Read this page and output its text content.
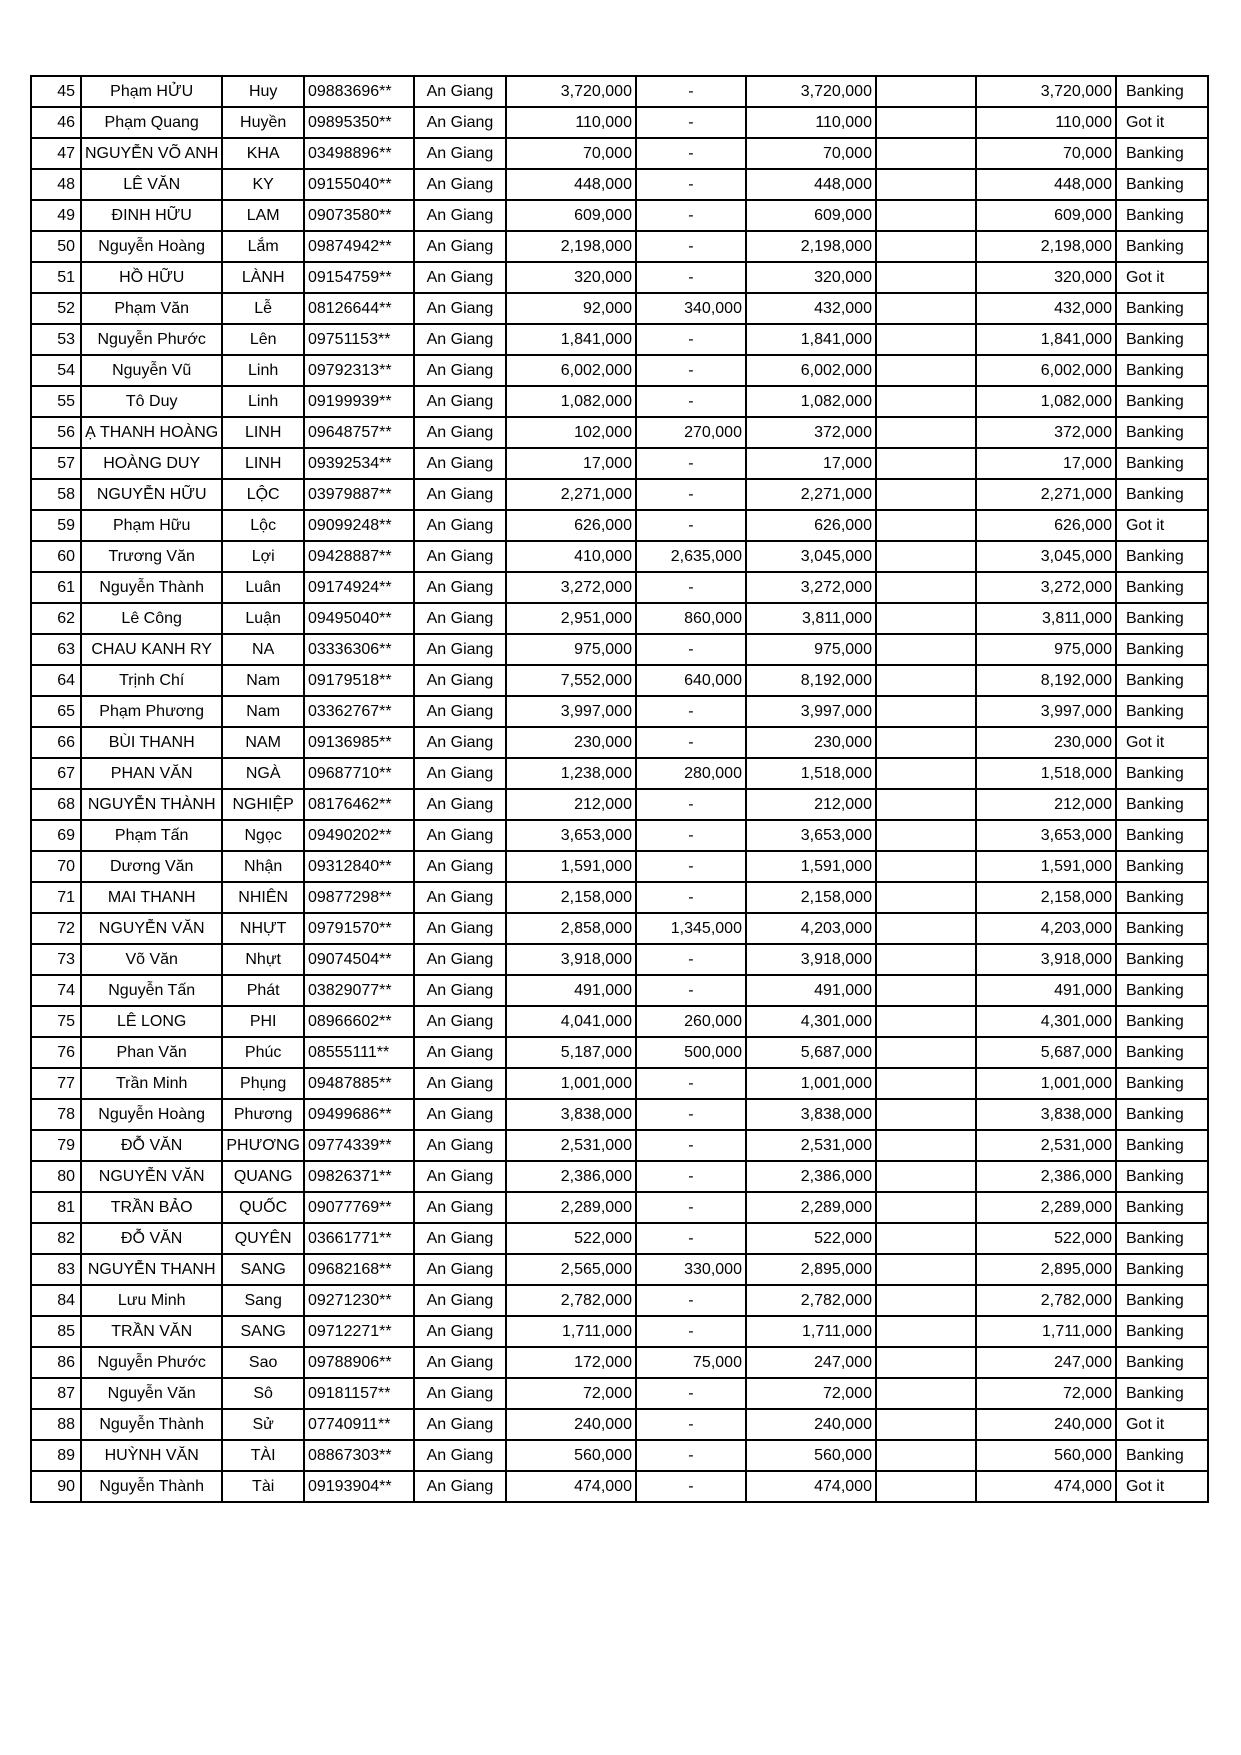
45	Phạm HỬU	Huy	09883696**	An Giang	3,720,000	-	3,720,000		3,720,000	Banking
46	Phạm Quang	Huyền	09895350**	An Giang	110,000	-	110,000		110,000	Got it
47	NGUYỄN VÕ ANH	KHA	03498896**	An Giang	70,000	-	70,000		70,000	Banking
48	LÊ VĂN	KY	09155040**	An Giang	448,000	-	448,000		448,000	Banking
49	ĐINH HỮU	LAM	09073580**	An Giang	609,000	-	609,000		609,000	Banking
50	Nguyễn Hoàng	Lắm	09874942**	An Giang	2,198,000	-	2,198,000		2,198,000	Banking
51	HỒ HỮU	LÀNH	09154759**	An Giang	320,000	-	320,000		320,000	Got it
52	Phạm Văn	Lễ	08126644**	An Giang	92,000	340,000	432,000		432,000	Banking
53	Nguyễn Phước	Lên	09751153**	An Giang	1,841,000	-	1,841,000		1,841,000	Banking
54	Nguyễn Vũ	Linh	09792313**	An Giang	6,002,000	-	6,002,000		6,002,000	Banking
55	Tô Duy	Linh	09199939**	An Giang	1,082,000	-	1,082,000		1,082,000	Banking
56	Ạ THANH HOÀNG	LINH	09648757**	An Giang	102,000	270,000	372,000		372,000	Banking
57	HOÀNG DUY	LINH	09392534**	An Giang	17,000	-	17,000		17,000	Banking
58	NGUYỄN HỮU	LỘC	03979887**	An Giang	2,271,000	-	2,271,000		2,271,000	Banking
59	Phạm Hữu	Lộc	09099248**	An Giang	626,000	-	626,000		626,000	Got it
60	Trương Văn	Lợi	09428887**	An Giang	410,000	2,635,000	3,045,000		3,045,000	Banking
61	Nguyễn Thành	Luân	09174924**	An Giang	3,272,000	-	3,272,000		3,272,000	Banking
62	Lê Công	Luận	09495040**	An Giang	2,951,000	860,000	3,811,000		3,811,000	Banking
63	CHAU KANH RY	NA	03336306**	An Giang	975,000	-	975,000		975,000	Banking
64	Trịnh Chí	Nam	09179518**	An Giang	7,552,000	640,000	8,192,000		8,192,000	Banking
65	Phạm Phương	Nam	03362767**	An Giang	3,997,000	-	3,997,000		3,997,000	Banking
66	BÙI THANH	NAM	09136985**	An Giang	230,000	-	230,000		230,000	Got it
67	PHAN VĂN	NGÀ	09687710**	An Giang	1,238,000	280,000	1,518,000		1,518,000	Banking
68	NGUYỄN THÀNH	NGHIỆP	08176462**	An Giang	212,000	-	212,000		212,000	Banking
69	Phạm Tấn	Ngọc	09490202**	An Giang	3,653,000	-	3,653,000		3,653,000	Banking
70	Dương Văn	Nhận	09312840**	An Giang	1,591,000	-	1,591,000		1,591,000	Banking
71	MAI THANH	NHIÊN	09877298**	An Giang	2,158,000	-	2,158,000		2,158,000	Banking
72	NGUYỄN VĂN	NHỰT	09791570**	An Giang	2,858,000	1,345,000	4,203,000		4,203,000	Banking
73	Võ Văn	Nhựt	09074504**	An Giang	3,918,000	-	3,918,000		3,918,000	Banking
74	Nguyễn Tấn	Phát	03829077**	An Giang	491,000	-	491,000		491,000	Banking
75	LÊ LONG	PHI	08966602**	An Giang	4,041,000	260,000	4,301,000		4,301,000	Banking
76	Phan Văn	Phúc	08555111**	An Giang	5,187,000	500,000	5,687,000		5,687,000	Banking
77	Trần Minh	Phụng	09487885**	An Giang	1,001,000	-	1,001,000		1,001,000	Banking
78	Nguyễn Hoàng	Phương	09499686**	An Giang	3,838,000	-	3,838,000		3,838,000	Banking
79	ĐỖ VĂN	PHƯƠNG	09774339**	An Giang	2,531,000	-	2,531,000		2,531,000	Banking
80	NGUYỄN VĂN	QUANG	09826371**	An Giang	2,386,000	-	2,386,000		2,386,000	Banking
81	TRẦN BẢO	QUỐC	09077769**	An Giang	2,289,000	-	2,289,000		2,289,000	Banking
82	ĐỖ VĂN	QUYÊN	03661771**	An Giang	522,000	-	522,000		522,000	Banking
83	NGUYỄN THANH	SANG	09682168**	An Giang	2,565,000	330,000	2,895,000		2,895,000	Banking
84	Lưu Minh	Sang	09271230**	An Giang	2,782,000	-	2,782,000		2,782,000	Banking
85	TRẦN VĂN	SANG	09712271**	An Giang	1,711,000	-	1,711,000		1,711,000	Banking
86	Nguyễn Phước	Sao	09788906**	An Giang	172,000	75,000	247,000		247,000	Banking
87	Nguyễn Văn	Sô	09181157**	An Giang	72,000	-	72,000		72,000	Banking
88	Nguyễn Thành	Sử	07740911**	An Giang	240,000	-	240,000		240,000	Got it
89	HUỲNH VĂN	TÀI	08867303**	An Giang	560,000	-	560,000		560,000	Banking
90	Nguyễn Thành	Tài	09193904**	An Giang	474,000	-	474,000		474,000	Got it
